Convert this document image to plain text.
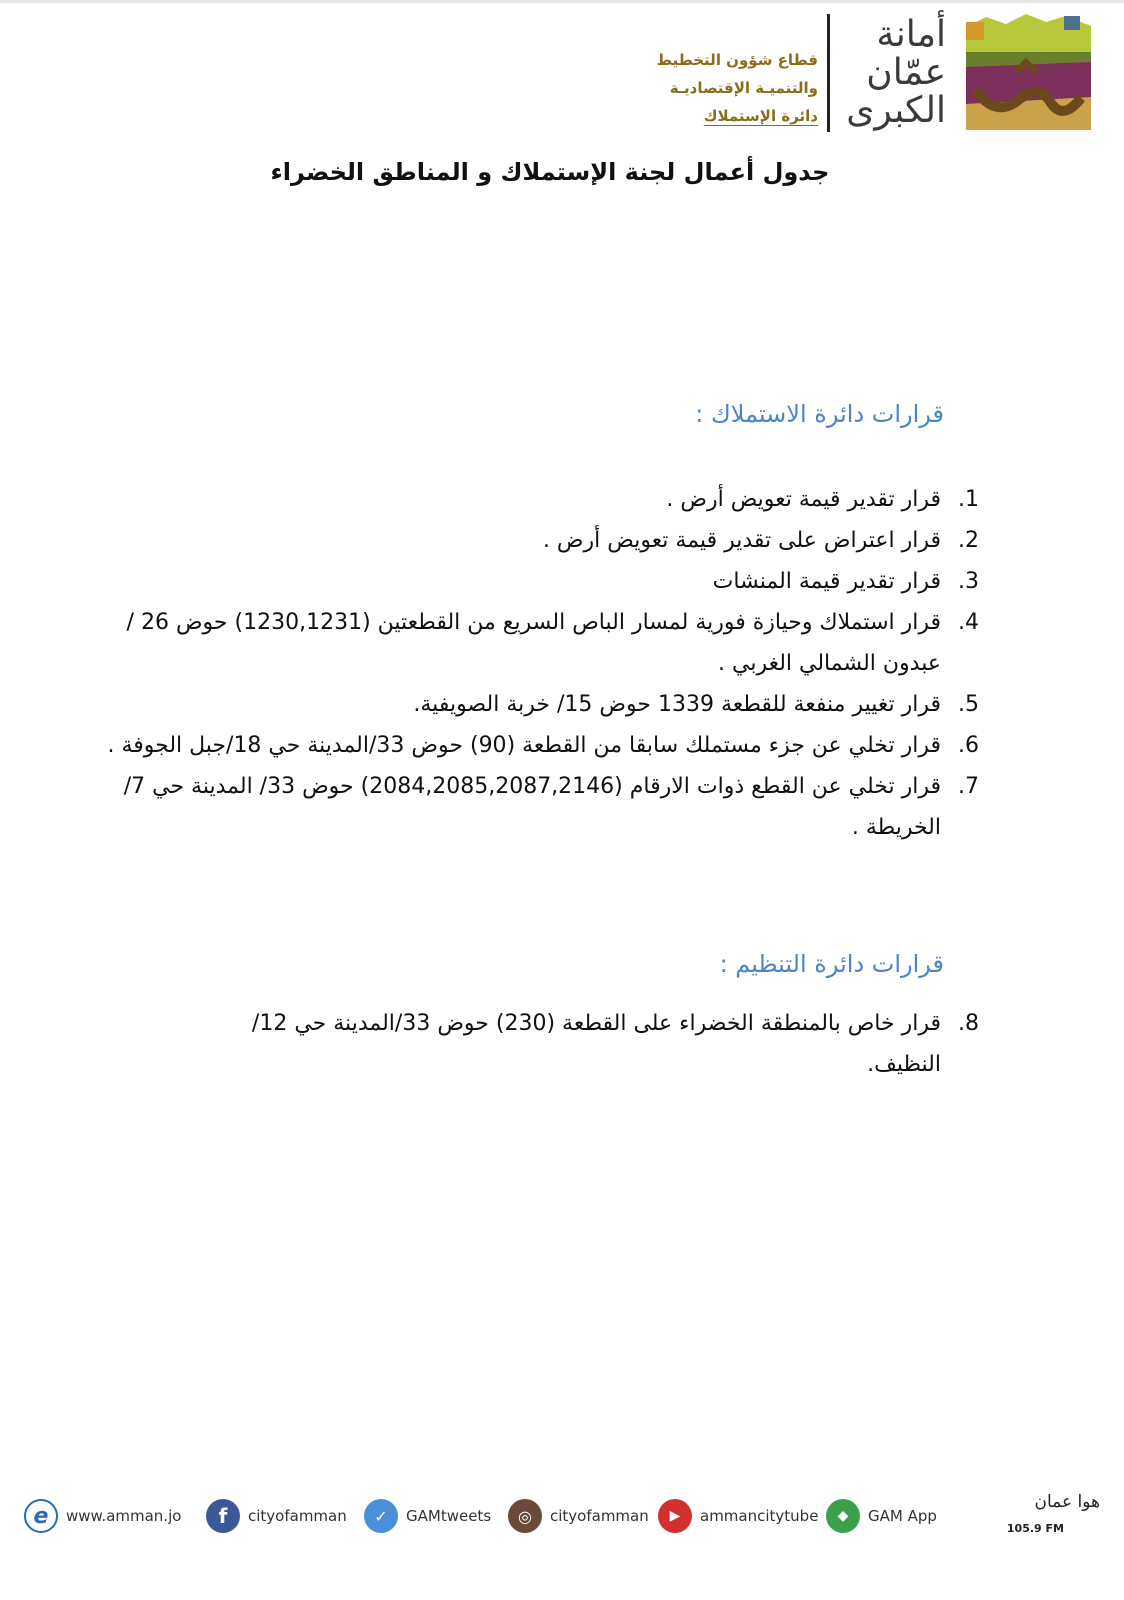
أمانة
عمّان
الكبرى
قطاع شؤون التخطيط
والتنميـة الإقتصاديـة
دائرة الإستملاك
جدول أعمال لجنة الإستملاك و المناطق الخضراء
قرارات دائرة الاستملاك :
1.
قرار تقدير قيمة تعويض أرض .
2.
قرار اعتراض على تقدير قيمة تعويض أرض .
3.
قرار تقدير قيمة المنشات
4.
قرار استملاك وحيازة فورية لمسار الباص السريع من القطعتين (1230,1231) حوض 26 /عبدون الشمالي الغربي .
5.
قرار تغيير منفعة للقطعة 1339 حوض 15/ خربة الصويفية.
6.
قرار تخلي عن جزء مستملك سابقا من القطعة (90) حوض 33/المدينة حي 18/جبل الجوفة .
7.
قرار تخلي عن القطع ذوات الارقام (2084,2085,2087,2146) حوض 33/ المدينة حي 7/الخريطة .
قرارات دائرة التنظيم :
8.
قرار خاص بالمنطقة الخضراء على القطعة (230) حوض 33/المدينة حي 12/النظيف.
e	www.amman.jo	f	cityofamman	✓	GAMtweets	◎	cityofamman	▶	ammancitytube	◆	GAM App
هوا عمان
105.9 FM
